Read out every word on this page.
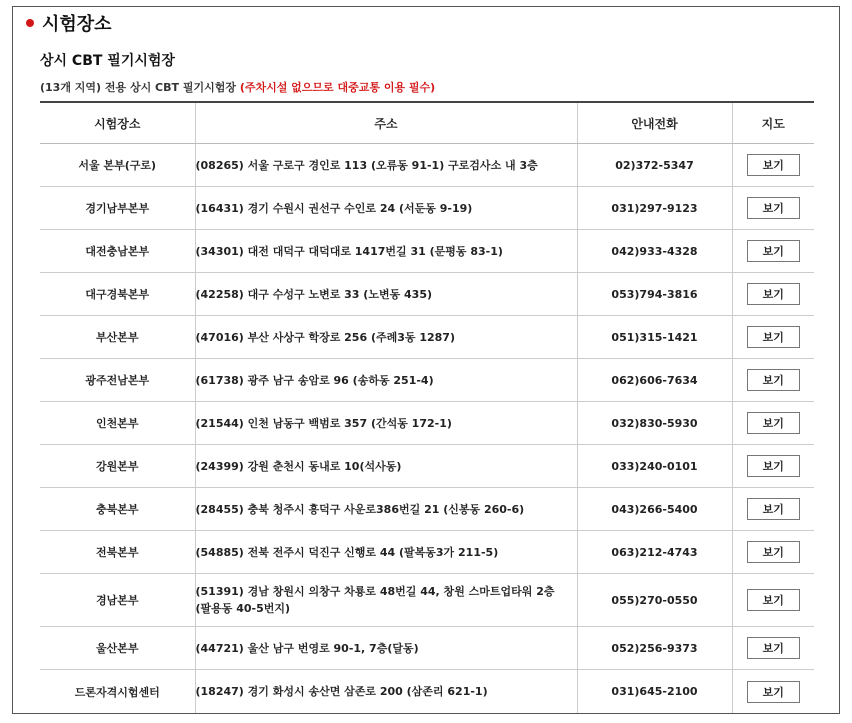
시험장소
상시 CBT 필기시험장
(13개 지역) 전용 상시 CBT 필기시험장 (주차시설 없으므로 대중교통 이용 필수)
시험장소	주소	안내전화	지도
서울 본부(구로)	(08265) 서울 구로구 경인로 113 (오류동 91-1) 구로검사소 내 3층	02)372-5347	보기
경기남부본부	(16431) 경기 수원시 권선구 수인로 24 (서둔동 9-19)	031)297-9123	보기
대전충남본부	(34301) 대전 대덕구 대덕대로 1417번길 31 (문평동 83-1)	042)933-4328	보기
대구경북본부	(42258) 대구 수성구 노변로 33 (노변동 435)	053)794-3816	보기
부산본부	(47016) 부산 사상구 학장로 256 (주례3동 1287)	051)315-1421	보기
광주전남본부	(61738) 광주 남구 송암로 96 (송하동 251-4)	062)606-7634	보기
인천본부	(21544) 인천 남동구 백범로 357 (간석동 172-1)	032)830-5930	보기
강원본부	(24399) 강원 춘천시 동내로 10(석사동)	033)240-0101	보기
충북본부	(28455) 충북 청주시 흥덕구 사운로386번길 21 (신봉동 260-6)	043)266-5400	보기
전북본부	(54885) 전북 전주시 덕진구 신행로 44 (팔복동3가 211-5)	063)212-4743	보기
경남본부	(51391) 경남 창원시 의창구 차룡로 48번길 44, 창원 스마트업타워 2층
(팔용동 40-5번지)	055)270-0550	보기
울산본부	(44721) 울산 남구 번영로 90-1, 7층(달동)	052)256-9373	보기
드론자격시험센터	(18247) 경기 화성시 송산면 삼존로 200 (삼존리 621-1)	031)645-2100	보기
